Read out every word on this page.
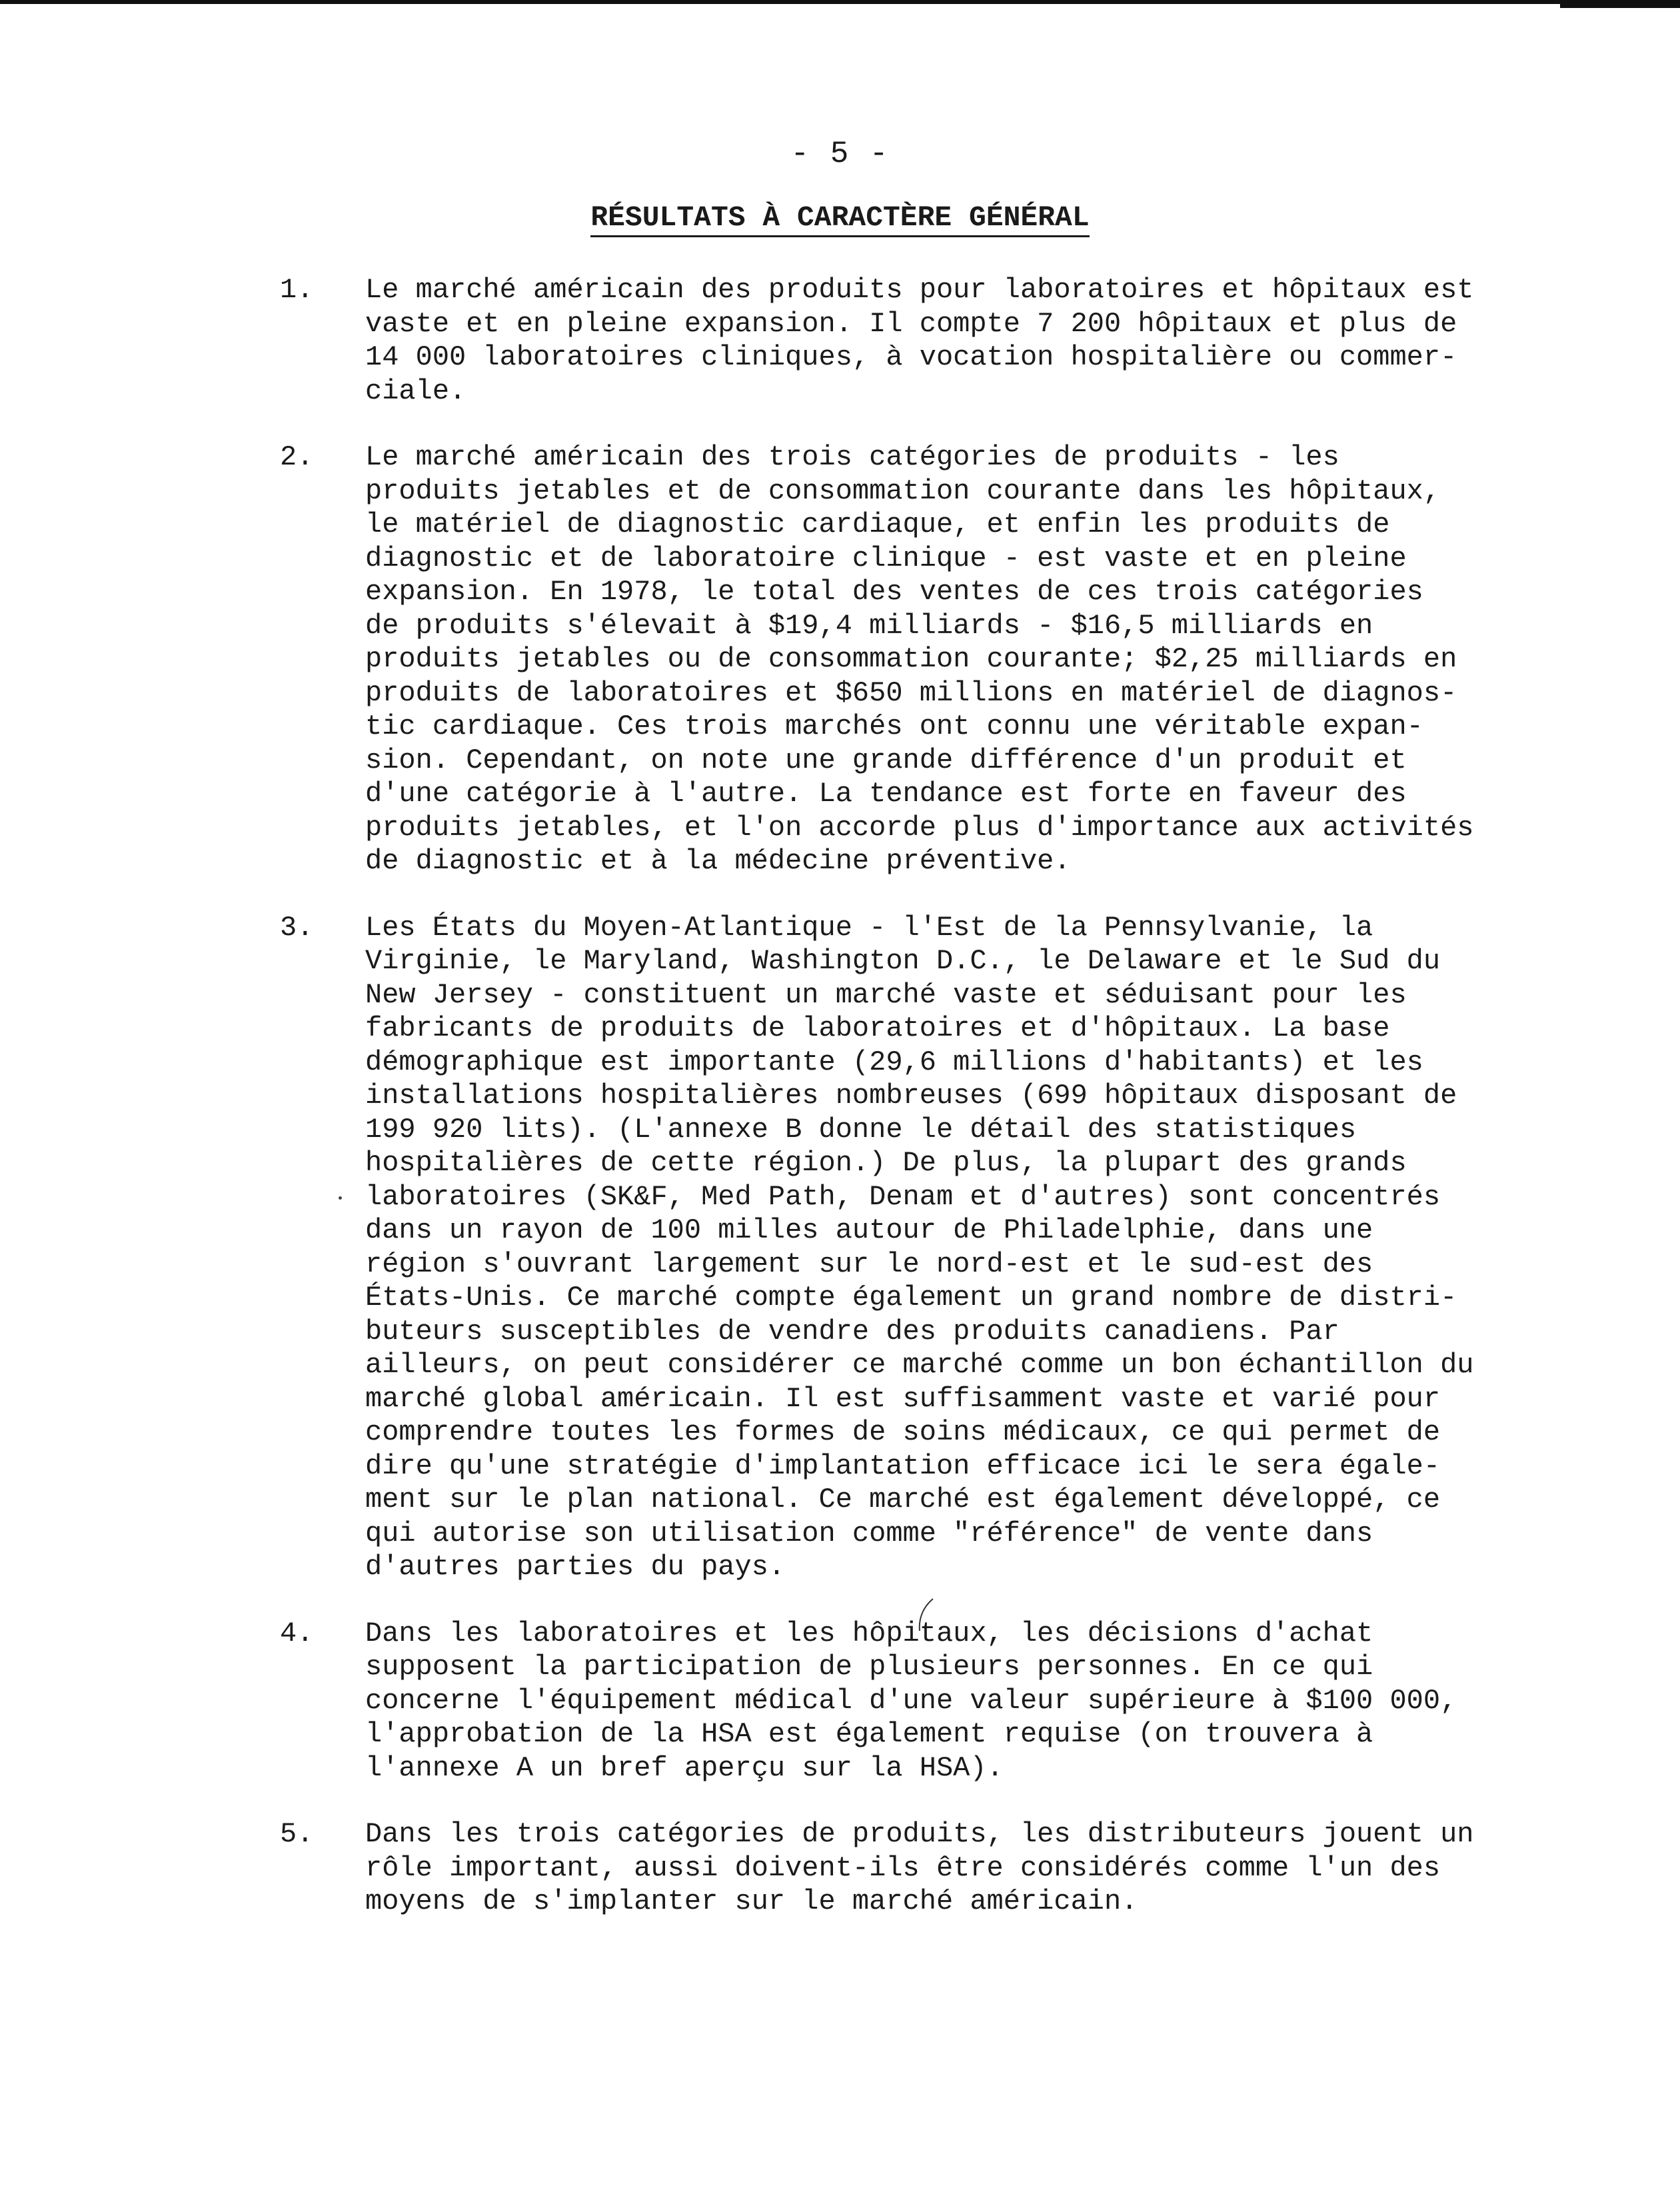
- 5 -
RÉSULTATS À CARACTÈRE GÉNÉRAL
1. Le marché américain des produits pour laboratoires et hôpitaux est
vaste et en pleine expansion. Il compte 7 200 hôpitaux et plus de
14 000 laboratoires cliniques, à vocation hospitalière ou commer-
ciale.
2. Le marché américain des trois catégories de produits - les
produits jetables et de consommation courante dans les hôpitaux,
le matériel de diagnostic cardiaque, et enfin les produits de
diagnostic et de laboratoire clinique - est vaste et en pleine
expansion. En 1978, le total des ventes de ces trois catégories
de produits s'élevait à $19,4 milliards - $16,5 milliards en
produits jetables ou de consommation courante; $2,25 milliards en
produits de laboratoires et $650 millions en matériel de diagnos-
tic cardiaque. Ces trois marchés ont connu une véritable expan-
sion. Cependant, on note une grande différence d'un produit et
d'une catégorie à l'autre. La tendance est forte en faveur des
produits jetables, et l'on accorde plus d'importance aux activités
de diagnostic et à la médecine préventive.
3. Les États du Moyen-Atlantique - l'Est de la Pennsylvanie, la
Virginie, le Maryland, Washington D.C., le Delaware et le Sud du
New Jersey - constituent un marché vaste et séduisant pour les
fabricants de produits de laboratoires et d'hôpitaux. La base
démographique est importante (29,6 millions d'habitants) et les
installations hospitalières nombreuses (699 hôpitaux disposant de
199 920 lits). (L'annexe B donne le détail des statistiques
hospitalières de cette région.) De plus, la plupart des grands
laboratoires (SK&F, Med Path, Denam et d'autres) sont concentrés
dans un rayon de 100 milles autour de Philadelphie, dans une
région s'ouvrant largement sur le nord-est et le sud-est des
États-Unis. Ce marché compte également un grand nombre de distri-
buteurs susceptibles de vendre des produits canadiens. Par
ailleurs, on peut considérer ce marché comme un bon échantillon du
marché global américain. Il est suffisamment vaste et varié pour
comprendre toutes les formes de soins médicaux, ce qui permet de
dire qu'une stratégie d'implantation efficace ici le sera égale-
ment sur le plan national. Ce marché est également développé, ce
qui autorise son utilisation comme "référence" de vente dans
d'autres parties du pays.
4. Dans les laboratoires et les hôpitaux, les décisions d'achat
supposent la participation de plusieurs personnes. En ce qui
concerne l'équipement médical d'une valeur supérieure à $100 000,
l'approbation de la HSA est également requise (on trouvera à
l'annexe A un bref aperçu sur la HSA).
5. Dans les trois catégories de produits, les distributeurs jouent un
rôle important, aussi doivent-ils être considérés comme l'un des
moyens de s'implanter sur le marché américain.
